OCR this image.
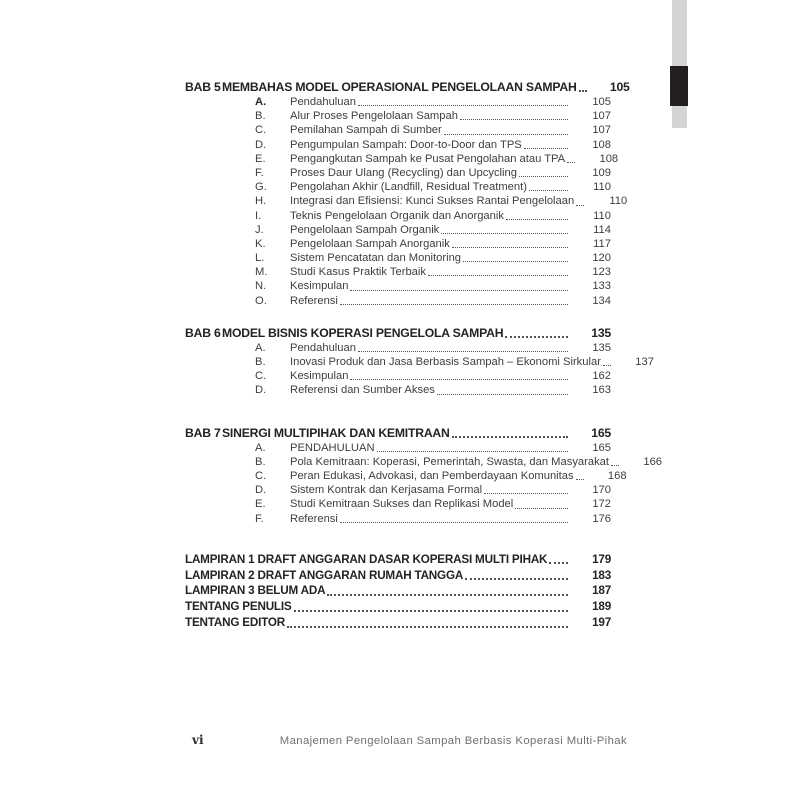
BAB 5 MEMBAHAS MODEL OPERASIONAL PENGELOLAAN SAMPAH	105
A.	Pendahuluan	105
B.	Alur Proses Pengelolaan Sampah	107
C.	Pemilahan Sampah di Sumber	107
D.	Pengumpulan Sampah: Door-to-Door dan TPS	108
E.	Pengangkutan Sampah ke Pusat Pengolahan atau TPA	108
F.	Proses Daur Ulang (Recycling) dan Upcycling	109
G.	Pengolahan Akhir (Landfill, Residual Treatment)	110
H.	Integrasi dan Efisiensi: Kunci Sukses Rantai Pengelolaan	110
I.	Teknis Pengelolaan Organik dan Anorganik	110
J.	Pengelolaan Sampah Organik	114
K.	Pengelolaan Sampah Anorganik	117
L.	Sistem Pencatatan dan Monitoring	120
M.	Studi Kasus Praktik Terbaik	123
N.	Kesimpulan	133
O.	Referensi	134
BAB 6 MODEL BISNIS KOPERASI PENGELOLA SAMPAH	135
A.	Pendahuluan	135
B.	Inovasi Produk dan Jasa Berbasis Sampah – Ekonomi Sirkular	137
C.	Kesimpulan	162
D.	Referensi dan Sumber Akses	163
BAB 7 SINERGI MULTIPIHAK DAN KEMITRAAN	165
A.	PENDAHULUAN	165
B.	Pola Kemitraan: Koperasi, Pemerintah, Swasta, dan Masyarakat	166
C.	Peran Edukasi, Advokasi, dan Pemberdayaan Komunitas	168
D.	Sistem Kontrak dan Kerjasama Formal	170
E.	Studi Kemitraan Sukses dan Replikasi Model	172
F.	Referensi	176
LAMPIRAN 1 DRAFT ANGGARAN DASAR KOPERASI MULTI PIHAK	179
LAMPIRAN 2 DRAFT ANGGARAN RUMAH TANGGA	183
LAMPIRAN 3 BELUM ADA	187
TENTANG PENULIS	189
TENTANG EDITOR	197
vi	Manajemen Pengelolaan Sampah Berbasis Koperasi Multi-Pihak
